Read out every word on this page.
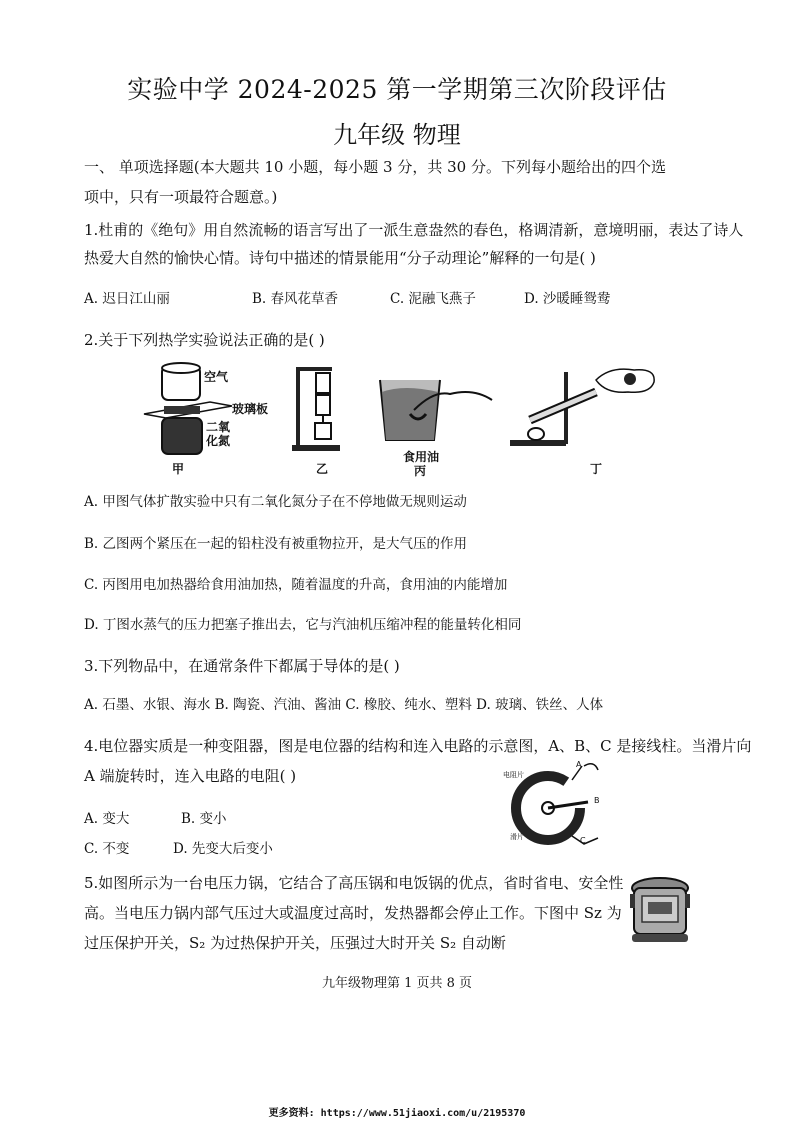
实验中学 2024-2025 第一学期第三次阶段评估
九年级 物理
一、 单项选择题(本大题共 10 小题，每小题 3 分，共 30 分。下列每小题给出的四个选
项中，只有一项最符合题意。)
1.杜甫的《绝句》用自然流畅的语言写出了一派生意盎然的春色，格调清新，意境明丽，表达了诗人
热爱大自然的愉快心情。诗句中描述的情景能用“分子动理论”解释的一句是( )
A. 迟日江山丽	B. 春风花草香	C. 泥融飞燕子	D. 沙暖睡鸳鸯
2.关于下列热学实验说法正确的是( )
空气
玻璃板
二氧化氮
甲	乙
食用油
丙	丁
A. 甲图气体扩散实验中只有二氧化氮分子在不停地做无规则运动
B. 乙图两个紧压在一起的铅柱没有被重物拉开，是大气压的作用
C. 丙图用电加热器给食用油加热，随着温度的升高，食用油的内能增加
D. 丁图水蒸气的压力把塞子推出去，它与汽油机压缩冲程的能量转化相同
3.下列物品中，在通常条件下都属于导体的是( )
A. 石墨、水银、海水 B. 陶瓷、汽油、酱油 C. 橡胶、纯水、塑料 D. 玻璃、铁丝、人体
4.电位器实质是一种变阻器，图是电位器的结构和连入电路的示意图，A、B、C 是接线柱。当滑片向
A 端旋转时，连入电路的电阻( )	电阻片
滑片
A
B
C
A. 变大	B. 变小
C. 不变	D. 先变大后变小
5.如图所示为一台电压力锅，它结合了高压锅和电饭锅的优点，省时省电、安全性
高。当电压力锅内部气压过大或温度过高时，发热器都会停止工作。下图中 Sz 为
过压保护开关，S₂ 为过热保护开关，压强过大时开关 S₂ 自动断
九年级物理第 1 页共 8 页
更多资料: https://www.51jiaoxi.com/u/2195370
